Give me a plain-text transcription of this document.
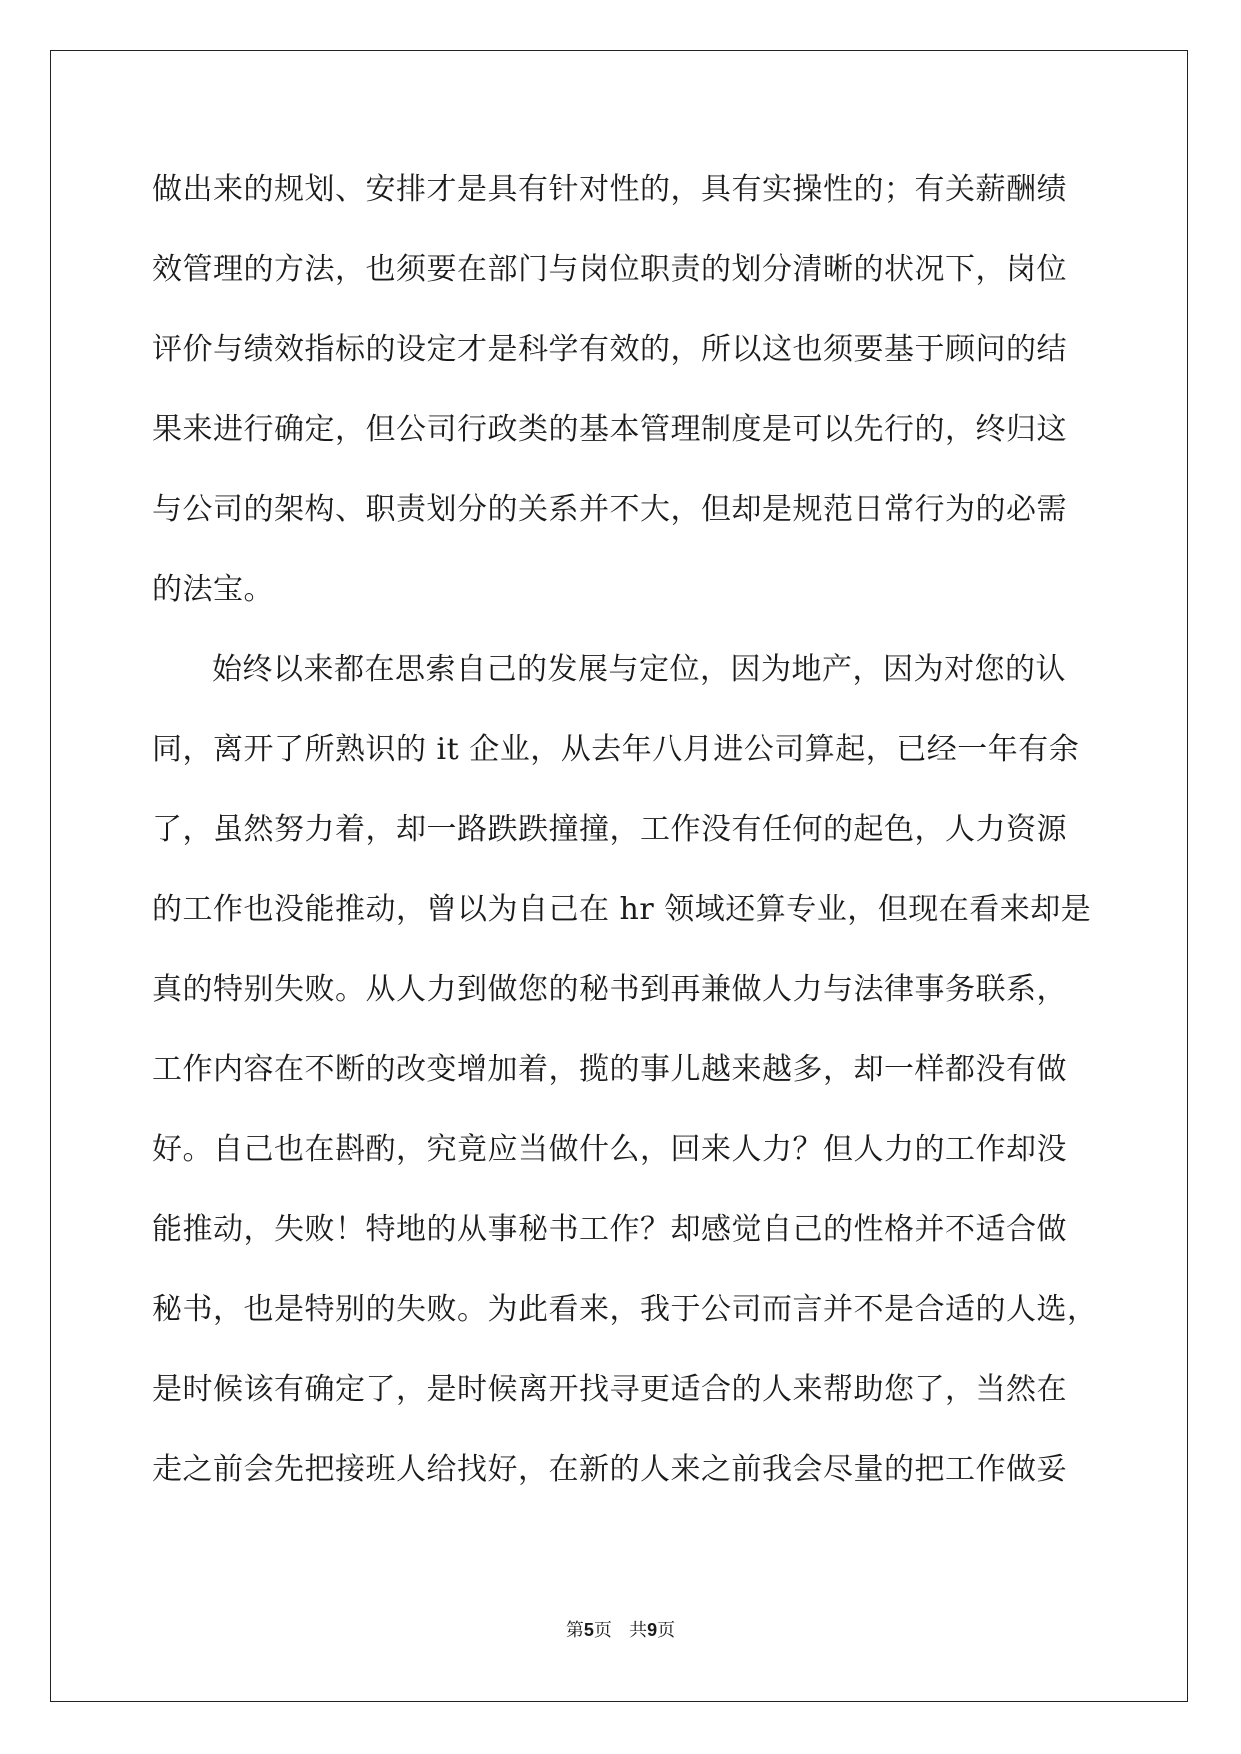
做出来的规划、安排才是具有针对性的，具有实操性的；有关薪酬绩
效管理的方法，也须要在部门与岗位职责的划分清晰的状况下，岗位
评价与绩效指标的设定才是科学有效的，所以这也须要基于顾问的结
果来进行确定，但公司行政类的基本管理制度是可以先行的，终归这
与公司的架构、职责划分的关系并不大，但却是规范日常行为的必需
的法宝。
始终以来都在思索自己的发展与定位，因为地产，因为对您的认
同，离开了所熟识的 it 企业，从去年八月进公司算起，已经一年有余
了，虽然努力着，却一路跌跌撞撞，工作没有任何的起色，人力资源
的工作也没能推动，曾以为自己在 hr 领域还算专业，但现在看来却是
真的特别失败。从人力到做您的秘书到再兼做人力与法律事务联系，
工作内容在不断的改变增加着，揽的事儿越来越多，却一样都没有做
好。自己也在斟酌，究竟应当做什么，回来人力？但人力的工作却没
能推动，失败！特地的从事秘书工作？却感觉自己的性格并不适合做
秘书，也是特别的失败。为此看来，我于公司而言并不是合适的人选，
是时候该有确定了，是时候离开找寻更适合的人来帮助您了，当然在
走之前会先把接班人给找好，在新的人来之前我会尽量的把工作做妥
第5页 共9页
